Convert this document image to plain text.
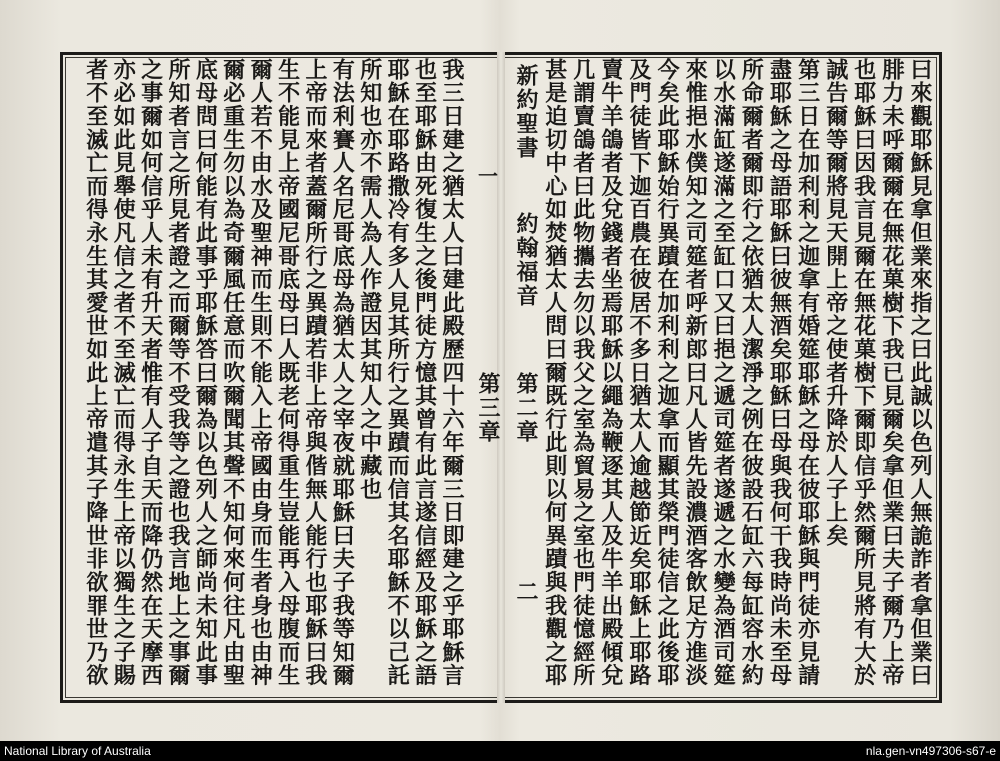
新約聖書
約翰福音
第二章
二
第三章
一
曰來觀耶穌見拿但業來指之曰此誠以色列人無詭詐者拿但業曰
腓力未呼爾爾在無花菓樹下我已見爾矣拿但業曰夫子爾乃上帝
也耶穌曰因我言見爾在無花菓樹下爾即信乎然爾所見將有大於
誠告爾等爾將見天開上帝之使者升降於人子上矣
第三日在加利利之迦拿有婚筵耶穌之母在彼耶穌與門徒亦見請
盡耶穌之母語耶穌曰彼無酒矣耶穌曰母與我何干我時尚未至母
所命爾者爾即行之依猶太人潔淨之例在彼設石缸六每缸容水約
以水滿缸遂滿之至缸口又曰挹之遞司筵者遂遞之水變為酒司筵
來惟挹水僕知之司筵者呼新郎曰凡人皆先設濃酒客飲足方進淡
今矣此耶穌始行異蹟在加利利之迦拿而顯其榮門徒信之此後耶
及門徒皆下迦百農在彼居不多日猶太人逾越節近矣耶穌上耶路
賣牛羊鴿者及兌錢者坐焉耶穌以繩為鞭逐其人及牛羊出殿傾兌
几謂賣鴿者曰此物攜去勿以我父之室為貿易之室也門徒憶經所
甚是迫切中心如焚猶太人問曰爾既行此則以何異蹟與我觀之耶
我三日建之猶太人曰建此殿歷四十六年爾三日即建之乎耶穌言
也至耶穌由死復生之後門徒方憶其曾有此言遂信經及耶穌之語
耶穌在耶路撒冷有多人見其所行之異蹟而信其名耶穌不以己託
所知也亦不需人為人作證因其知人之中藏也
有法利賽人名尼哥底母為猶太人之宰夜就耶穌曰夫子我等知爾
上帝而來者蓋爾所行之異蹟若非上帝與偕無人能行也耶穌曰我
生不能見上帝國尼哥底母曰人既老何得重生豈能再入母腹而生
爾人若不由水及聖神而生則不能入上帝國由身而生者身也由神
爾必重生勿以為奇爾風任意而吹爾聞其聲不知何來何往凡由聖
底母問曰何能有此事乎耶穌答曰爾為以色列人之師尚未知此事
所知者言之所見者證之而爾等不受我等之證也我言地上之事爾
之事爾如何信乎人未有升天者惟有人子自天而降仍然在天摩西
亦必如此見舉使凡信之者不至滅亡而得永生上帝以獨生之子賜
者不至滅亡而得永生其愛世如此上帝遣其子降世非欲罪世乃欲
National Library of Australia	nla.gen-vn497306-s67-e
